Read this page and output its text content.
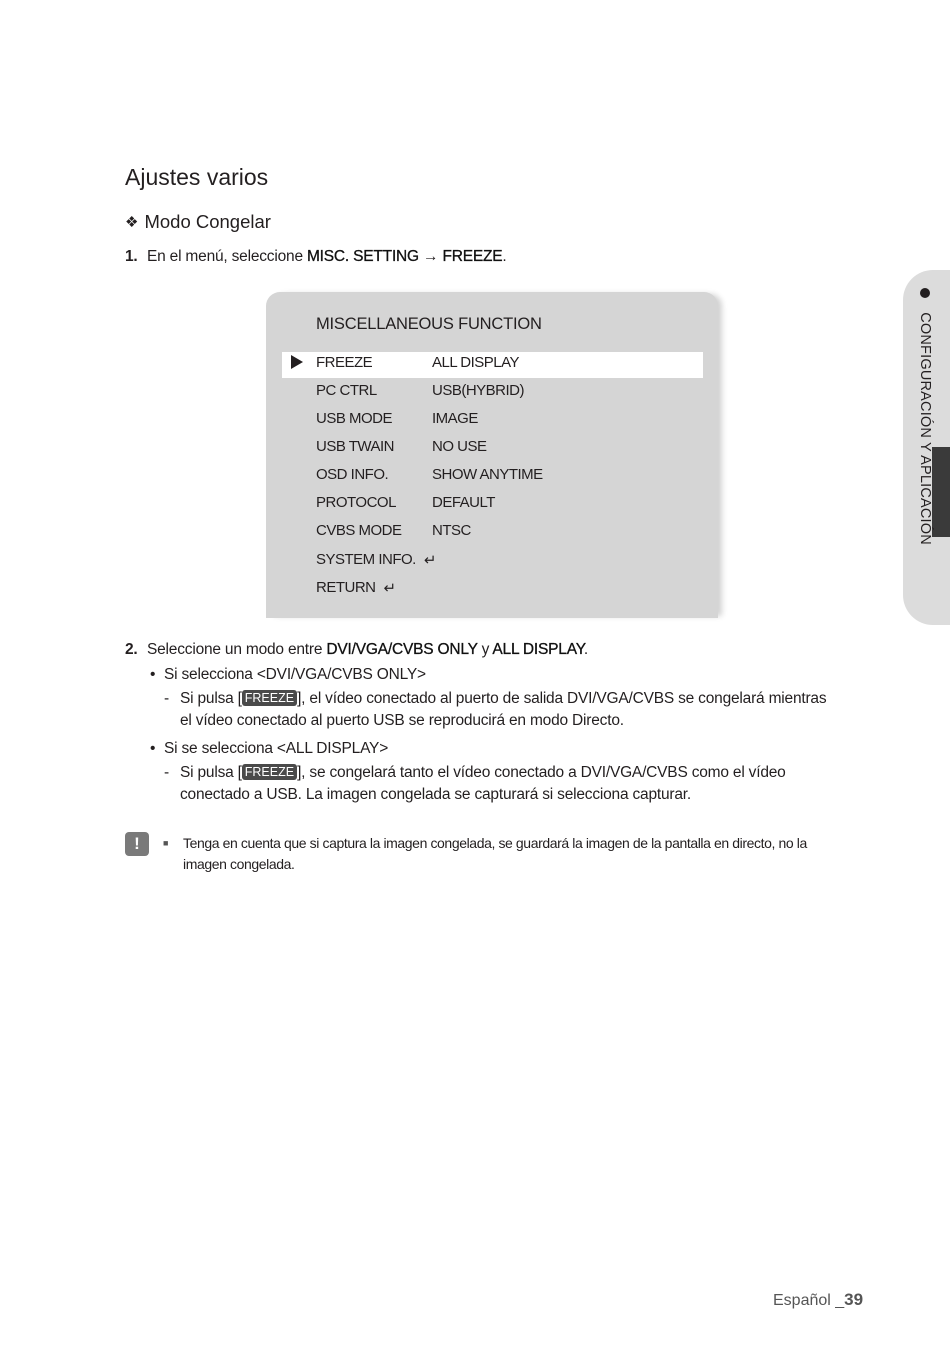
Ajustes varios
❖ Modo Congelar
1. En el menú, seleccione MISC. SETTING → FREEZE.
MISCELLANEOUS FUNCTION
FREEZE	ALL DISPLAY
PC CTRL	USB(HYBRID)
USB MODE	IMAGE
USB TWAIN	NO USE
OSD INFO.	SHOW ANYTIME
PROTOCOL DEFAULT
CVBS MODE NTSC
SYSTEM INFO. ↵
RETURN ↵
CONFIGURACIÓN Y APLICACIÓN
2. Seleccione un modo entre DVI/VGA/CVBS ONLY y ALL DISPLAY.
• Si selecciona <DVI/VGA/CVBS ONLY>
- Si pulsa [ FREEZE ], el vídeo conectado al puerto de salida DVI/VGA/CVBS se congelará mientras
el vídeo conectado al puerto USB se reproducirá en modo Directo.
• Si se selecciona <ALL DISPLAY>
- Si pulsa [ FREEZE ], se congelará tanto el vídeo conectado a DVI/VGA/CVBS como el vídeo
conectado a USB. La imagen congelada se capturará si selecciona capturar.
!	■	Tenga en cuenta que si captura la imagen congelada, se guardará la imagen de la pantalla en directo, no la
imagen congelada.
Español _39
